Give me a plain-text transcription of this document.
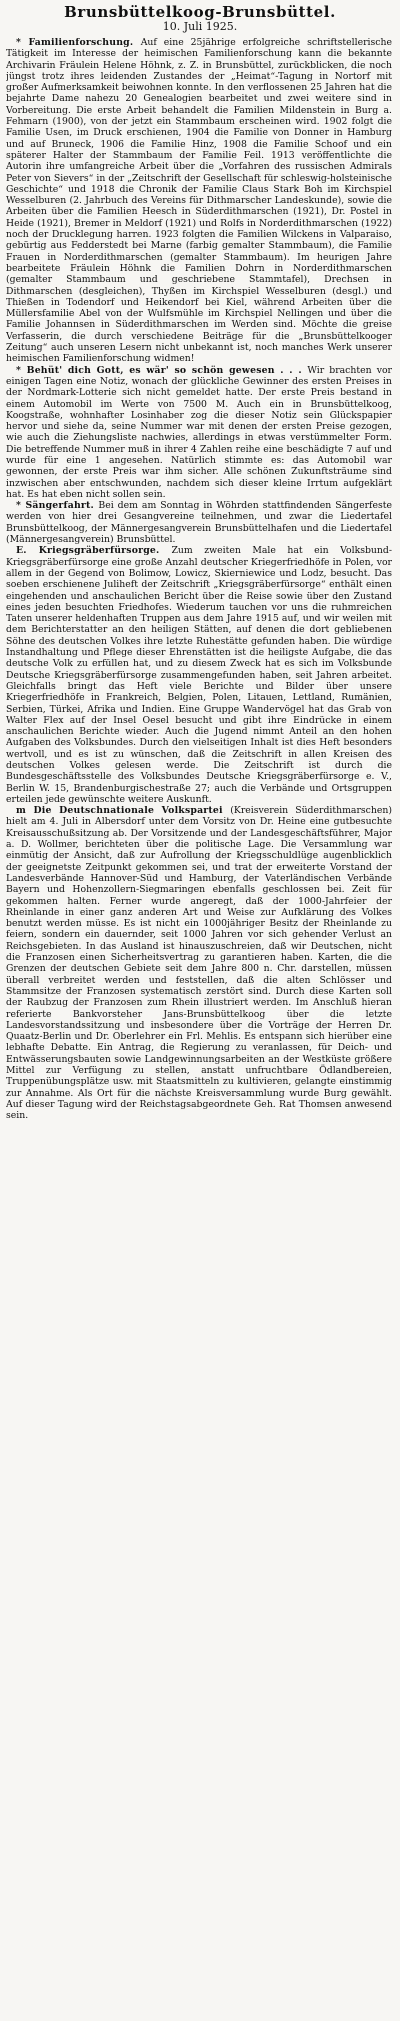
Brunsbüttelkoog-Brunsbüttel.
10. Juli 1925.

* Familienforschung. Auf eine 25jährige erfolgreiche schriftstellerische Tätigkeit im Interesse der heimischen Familienforschung kann die bekannte Archivarin Fräulein Helene Höhnk, z. Z. in Brunsbüttel, zurückblicken, die noch jüngst trotz ihres leidenden Zustandes der „Heimat“-Tagung in Nortorf mit großer Aufmerksamkeit beiwohnen konnte. In den verflossenen 25 Jahren hat die bejahrte Dame nahezu 20 Genealogien bearbeitet und zwei weitere sind in Vorbereitung. Die erste Arbeit behandelt die Familien Mildenstein in Burg a. Fehmarn (1900), von der jetzt ein Stammbaum erscheinen wird. 1902 folgt die Familie Usen, im Druck erschienen, 1904 die Familie von Donner in Hamburg und auf Bruneck, 1906 die Familie Hinz, 1908 die Familie Schoof und ein späterer Halter der Stammbaum der Familie Feil. 1913 veröffentlichte die Autorin ihre umfangreiche Arbeit über die „Vorfahren des russischen Admirals Peter von Sievers“ in der „Zeitschrift der Gesellschaft für schleswig-holsteinische Geschichte“ und 1918 die Chronik der Familie Claus Stark Boh im Kirchspiel Wesselburen (2. Jahrbuch des Vereins für Dithmarscher Landeskunde), sowie die Arbeiten über die Familien Heesch in Süderdithmarschen (1921), Dr. Postel in Heide (1921), Bremer in Meldorf (1921) und Rolfs in Norderdithmarschen (1922) noch der Drucklegung harren. 1923 folgten die Familien Wilckens in Valparaiso, gebürtig aus Fedderstedt bei Marne (farbig gemalter Stammbaum), die Familie Frauen in Norderdithmarschen (gemalter Stammbaum). Im heurigen Jahre bearbeitete Fräulein Höhnk die Familien Dohrn in Norderdithmarschen (gemalter Stammbaum und geschriebene Stammtafel), Drechsen in Dithmarschen (desgleichen), Thyßen im Kirchspiel Wesselburen (desgl.) und Thießen in Todendorf und Heikendorf bei Kiel, während Arbeiten über die Müllersfamilie Abel von der Wulfsmühle im Kirchspiel Nellingen und über die Familie Johannsen in Süderdithmarschen im Werden sind. Möchte die greise Verfasserin, die durch verschiedene Beiträge für die „Brunsbüttelkooger Zeitung“ auch unseren Lesern nicht unbekannt ist, noch manches Werk unserer heimischen Familienforschung widmen!

* Behüt' dich Gott, es wär' so schön gewesen . . . Wir brachten vor einigen Tagen eine Notiz, wonach der glückliche Gewinner des ersten Preises in der Nordmark-Lotterie sich nicht gemeldet hatte. Der erste Preis bestand in einem Automobil im Werte von 7500 M. Auch ein in Brunsbüttelkoog, Koogstraße, wohnhafter Losinhaber zog die dieser Notiz sein Glückspapier hervor und siehe da, seine Nummer war mit denen der ersten Preise gezogen, wie auch die Ziehungsliste nachwies, allerdings in etwas verstümmelter Form. Die betreffende Nummer muß in ihrer 4 Zahlen reihe eine beschädigte 7 auf und wurde für eine 1 angesehen. Natürlich stimmte es: das Automobil war gewonnen, der erste Preis war ihm sicher. Alle schönen Zukunftsträume sind inzwischen aber entschwunden, nachdem sich dieser kleine Irrtum aufgeklärt hat. Es hat eben nicht sollen sein.

* Sängerfahrt. Bei dem am Sonntag in Wöhrden stattfindenden Sängerfeste werden von hier drei Gesangvereine teilnehmen, und zwar die Liedertafel Brunsbüttelkoog, der Männergesangverein Brunsbüttelhafen und die Liedertafel (Männergesangverein) Brunsbüttel.

E. Kriegsgräberfürsorge. Zum zweiten Male hat ein Volksbund-Kriegsgräberfürsorge eine große Anzahl deutscher Kriegerfriedhöfe in Polen, vor allem in der Gegend von Bolimow, Lowicz, Skierniewice und Lodz, besucht. Das soeben erschienene Juliheft der Zeitschrift „Kriegsgräberfürsorge“ enthält einen eingehenden und anschaulichen Bericht über die Reise sowie über den Zustand eines jeden besuchten Friedhofes. Wiederum tauchen vor uns die ruhmreichen Taten unserer heldenhaften Truppen aus dem Jahre 1915 auf, und wir weilen mit dem Berichterstatter an den heiligen Stätten, auf denen die dort gebliebenen Söhne des deutschen Volkes ihre letzte Ruhestätte gefunden haben. Die würdige Instandhaltung und Pflege dieser Ehrenstätten ist die heiligste Aufgabe, die das deutsche Volk zu erfüllen hat, und zu diesem Zweck hat es sich im Volksbunde Deutsche Kriegsgräberfürsorge zusammengefunden haben, seit Jahren arbeitet. Gleichfalls bringt das Heft viele Berichte und Bilder über unsere Kriegerfriedhöfe in Frankreich, Belgien, Polen, Litauen, Lettland, Rumänien, Serbien, Türkei, Afrika und Indien. Eine Gruppe Wandervögel hat das Grab von Walter Flex auf der Insel Oesel besucht und gibt ihre Eindrücke in einem anschaulichen Berichte wieder. Auch die Jugend nimmt Anteil an den hohen Aufgaben des Volksbundes. Durch den vielseitigen Inhalt ist dies Heft besonders wertvoll, und es ist zu wünschen, daß die Zeitschrift in allen Kreisen des deutschen Volkes gelesen werde. Die Zeitschrift ist durch die Bundesgeschäftsstelle des Volksbundes Deutsche Kriegsgräberfürsorge e. V., Berlin W. 15, Brandenburgischestraße 27; auch die Verbände und Ortsgruppen erteilen jede gewünschte weitere Auskunft.

m Die Deutschnationale Volkspartei (Kreisverein Süderdithmarschen) hielt am 4. Juli in Albersdorf unter dem Vorsitz von Dr. Heine eine gutbesuchte Kreisausschußsitzung ab. Der Vorsitzende und der Landesgeschäftsführer, Major a. D. Wollmer, berichteten über die politische Lage. Die Versammlung war einmütig der Ansicht, daß zur Aufrollung der Kriegsschuldlüge augenblicklich der geeignetste Zeitpunkt gekommen sei, und trat der erweiterte Vorstand der Landesverbände Hannover-Süd und Hamburg, der Vaterländischen Verbände Bayern und Hohenzollern-Siegmaringen ebenfalls geschlossen bei. Zeit für gekommen halten. Ferner wurde angeregt, daß der 1000-Jahrfeier der Rheinlande in einer ganz anderen Art und Weise zur Aufklärung des Volkes benutzt werden müsse. Es ist nicht ein 1000jähriger Besitz der Rheinlande zu feiern, sondern ein dauernder, seit 1000 Jahren vor sich gehender Verlust an Reichsgebieten. In das Ausland ist hinauszuschreien, daß wir Deutschen, nicht die Franzosen einen Sicherheitsvertrag zu garantieren haben. Karten, die die Grenzen der deutschen Gebiete seit dem Jahre 800 n. Chr. darstellen, müssen überall verbreitet werden und feststellen, daß die alten Schlösser und Stammsitze der Franzosen systematisch zerstört sind. Durch diese Karten soll der Raubzug der Franzosen zum Rhein illustriert werden. Im Anschluß hieran referierte Bankvorsteher Jans-Brunsbüttelkoog über die letzte Landesvorstandssitzung und insbesondere über die Vorträge der Herren Dr. Quaatz-Berlin und Dr. Oberlehrer ein Frl. Mehlis. Es entspann sich hierüber eine lebhafte Debatte. Ein Antrag, die Regierung zu veranlassen, für Deich- und Entwässerungsbauten sowie Landgewinnungsarbeiten an der Westküste größere Mittel zur Verfügung zu stellen, anstatt unfruchtbare Ödlandbereien, Truppenübungsplätze usw. mit Staatsmitteln zu kultivieren, gelangte einstimmig zur Annahme. Als Ort für die nächste Kreisversammlung wurde Burg gewählt. Auf dieser Tagung wird der Reichstagsabgeordnete Geh. Rat Thomsen anwesend sein.
